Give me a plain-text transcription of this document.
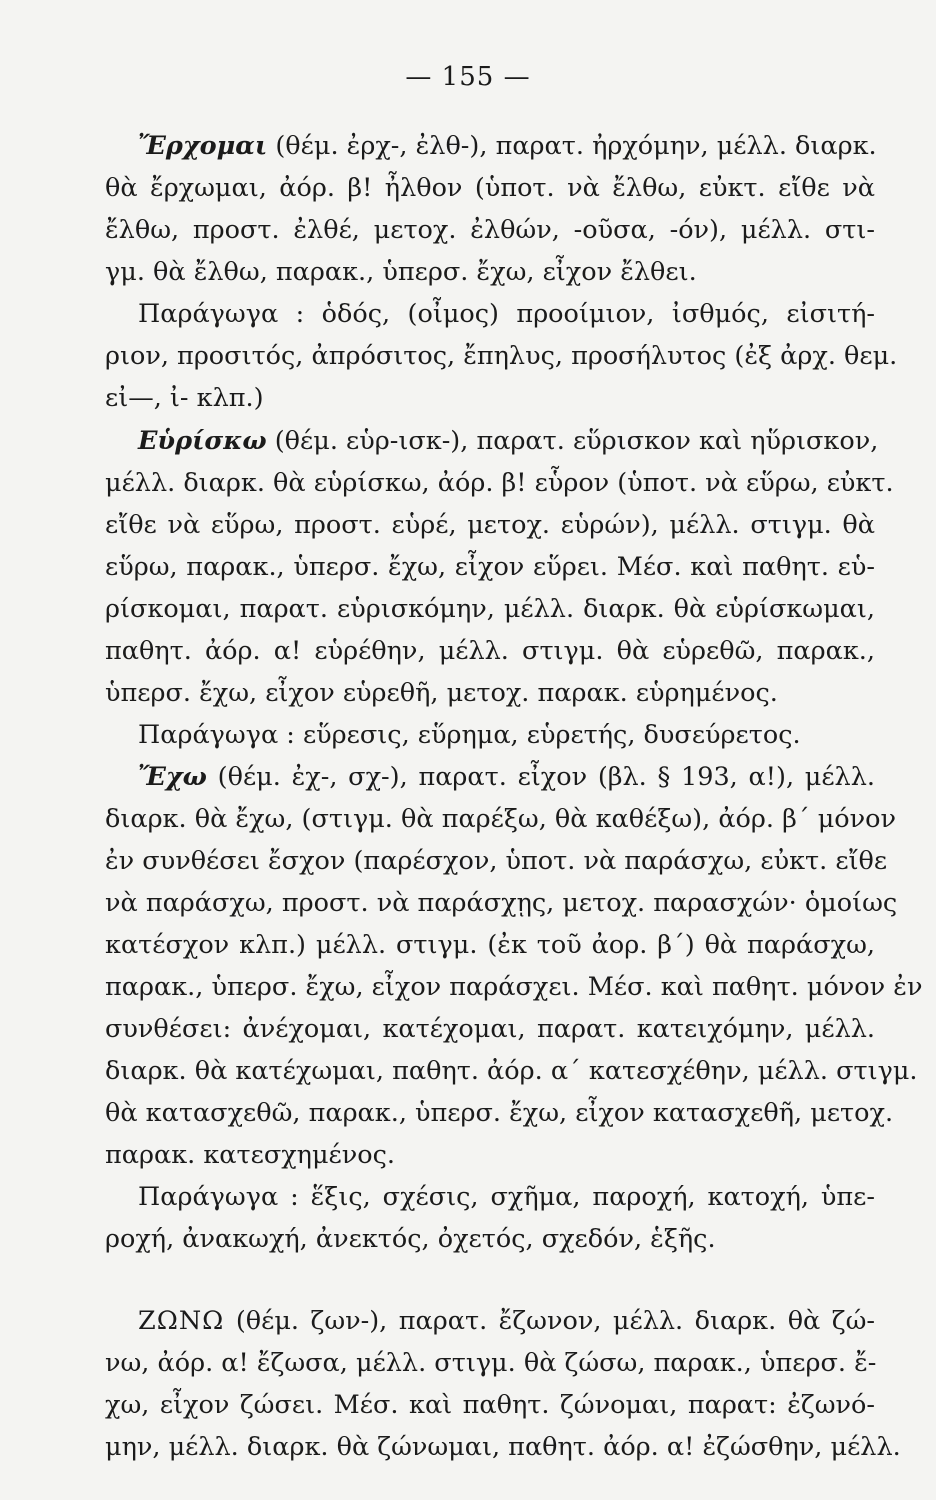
— 155 —
Ἔρχομαι (θέμ. ἐρχ-, ἐλθ-), παρατ. ἠρχόμην, μέλλ. διαρκ.
θὰ ἔρχωμαι, ἀόρ. β! ἦλθον (ὑποτ. νὰ ἔλθω, εὐκτ. εἴθε νὰ
ἔλθω, προστ. ἐλθέ, μετοχ. ἐλθών, -οῦσα, -όν), μέλλ. στι-
γμ. θὰ ἔλθω, παρακ., ὑπερσ. ἔχω, εἶχον ἔλθει.
Παράγωγα : ὁδός, (οἶμος) προοίμιον, ἰσθμός, εἰσιτή-
ριον, προσιτός, ἀπρόσιτος, ἔπηλυς, προσήλυτος (ἐξ ἀρχ. θεμ.
εἰ—, ἰ- κλπ.)
Εὑρίσκω (θέμ. εὑρ-ισκ-), παρατ. εὕρισκον καὶ ηὕρισκον,
μέλλ. διαρκ. θὰ εὑρίσκω, ἀόρ. β! εὗρον (ὑποτ. νὰ εὕρω, εὐκτ.
εἴθε νὰ εὕρω, προστ. εὑρέ, μετοχ. εὑρών), μέλλ. στιγμ. θὰ
εὕρω, παρακ., ὑπερσ. ἔχω, εἶχον εὕρει. Μέσ. καὶ παθητ. εὑ-
ρίσκομαι, παρατ. εὑρισκόμην, μέλλ. διαρκ. θὰ εὑρίσκωμαι,
παθητ. ἀόρ. α! εὑρέθην, μέλλ. στιγμ. θὰ εὑρεθῶ, παρακ.,
ὑπερσ. ἔχω, εἶχον εὑρεθῆ, μετοχ. παρακ. εὑρημένος.
Παράγωγα : εὕρεσις, εὕρημα, εὑρετής, δυσεύρετος.
Ἔχω (θέμ. ἐχ-, σχ-), παρατ. εἶχον (βλ. § 193, α!), μέλλ.
διαρκ. θὰ ἔχω, (στιγμ. θὰ παρέξω, θὰ καθέξω), ἀόρ. β΄ μόνον
ἐν συνθέσει ἔσχον (παρέσχον, ὑποτ. νὰ παράσχω, εὐκτ. εἴθε
νὰ παράσχω, προστ. νὰ παράσχῃς, μετοχ. παρασχών· ὁμοίως
κατέσχον κλπ.) μέλλ. στιγμ. (ἐκ τοῦ ἀορ. β΄) θὰ παράσχω,
παρακ., ὑπερσ. ἔχω, εἶχον παράσχει. Μέσ. καὶ παθητ. μόνον ἐν
συνθέσει: ἀνέχομαι, κατέχομαι, παρατ. κατειχόμην, μέλλ.
διαρκ. θὰ κατέχωμαι, παθητ. ἀόρ. α΄ κατεσχέθην, μέλλ. στιγμ.
θὰ κατασχεθῶ, παρακ., ὑπερσ. ἔχω, εἶχον κατασχεθῆ, μετοχ.
παρακ. κατεσχημένος.
Παράγωγα : ἕξις, σχέσις, σχῆμα, παροχή, κατοχή, ὑπε-
ροχή, ἀνακωχή, ἀνεκτός, ὀχετός, σχεδόν, ἑξῆς.
ΖΩΝΩ (θέμ. ζων-), παρατ. ἔζωνον, μέλλ. διαρκ. θὰ ζώ-
νω, ἀόρ. α! ἔζωσα, μέλλ. στιγμ. θὰ ζώσω, παρακ., ὑπερσ. ἔ-
χω, εἶχον ζώσει. Μέσ. καὶ παθητ. ζώνομαι, παρατ: ἐζωνό-
μην, μέλλ. διαρκ. θὰ ζώνωμαι, παθητ. ἀόρ. α! ἐζώσθην, μέλλ.
